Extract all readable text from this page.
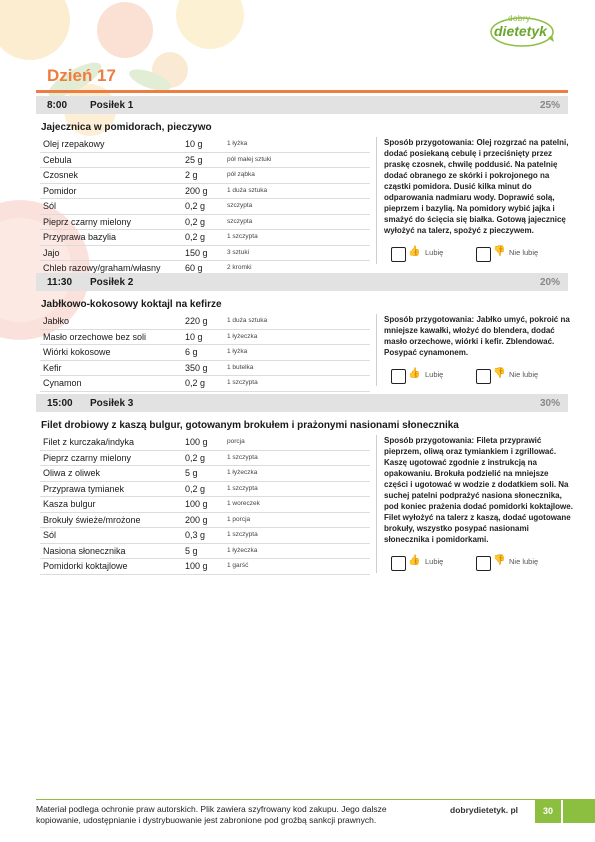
dobry
dietetyk
Dzień 17
8:00 Posiłek 1	25%
Jajecznica w pomidorach, pieczywo
Olej rzepakowy	10 g	1 łyżka
Cebula	25 g	pół małej sztuki
Czosnek	2 g	pół ząbka
Pomidor	200 g	1 duża sztuka
Sól	0,2 g	szczypta
Pieprz czarny mielony	0,2 g	szczypta
Przyprawa bazylia	0,2 g	1 szczypta
Jajo	150 g	3 sztuki
Chleb razowy/graham/własny	60 g	2 kromki

Sposób przygotowania: Olej rozgrzać na patelni, dodać posiekaną cebulę i przeciśnięty przez praskę czosnek, chwilę poddusić. Na patelnię dodać obranego ze skórki i pokrojonego na cząstki pomidora. Dusić kilka minut do odparowania nadmiaru wody. Doprawić solą, pieprzem i bazylią. Na pomidory wybić jajka i smażyć do ścięcia się białka. Gotową jajecznicę wyłożyć na talerz, spożyć z pieczywem.

👍 Lubię	👎 Nie lubię
11:30 Posiłek 2	20%
Jabłkowo-kokosowy koktajl na kefirze
Jabłko	220 g	1 duża sztuka
Masło orzechowe bez soli	10 g	1 łyżeczka
Wiórki kokosowe	6 g	1 łyżka
Kefir	350 g	1 butelka
Cynamon	0,2 g	1 szczypta

Sposób przygotowania: Jabłko umyć, pokroić na mniejsze kawałki, włożyć do blendera, dodać masło orzechowe, wiórki i kefir. Zblendować. Posypać cynamonem.

👍 Lubię	👎 Nie lubię
15:00 Posiłek 3	30%
Filet drobiowy z kaszą bulgur, gotowanym brokułem i prażonymi nasionami słonecznika
Filet z kurczaka/indyka	100 g	porcja
Pieprz czarny mielony	0,2 g	1 szczypta
Oliwa z oliwek	5 g	1 łyżeczka
Przyprawa tymianek	0,2 g	1 szczypta
Kasza bulgur	100 g	1 woreczek
Brokuły świeże/mrożone	200 g	1 porcja
Sól	0,3 g	1 szczypta
Nasiona słonecznika	5 g	1 łyżeczka
Pomidorki koktajlowe	100 g	1 garść

Sposób przygotowania: Fileta przyprawić pieprzem, oliwą oraz tymiankiem i zgrillować. Kaszę ugotować zgodnie z instrukcją na opakowaniu. Brokuła podzielić na mniejsze części i ugotować w wodzie z dodatkiem soli. Na suchej patelni podprażyć nasiona słonecznika, pod koniec prażenia dodać pomidorki koktajlowe. Filet wyłożyć na talerz z kaszą, dodać ugotowane brokuły, wszystko posypać nasionami słonecznika i pomidorkami.

👍 Lubię	👎 Nie lubię
Materiał podlega ochronie praw autorskich. Plik zawiera szyfrowany kod zakupu. Jego dalsze kopiowanie, udostępnianie i dystrybuowanie jest zabronione pod groźbą sankcji prawnych.
dobrydietetyk. pl	30
